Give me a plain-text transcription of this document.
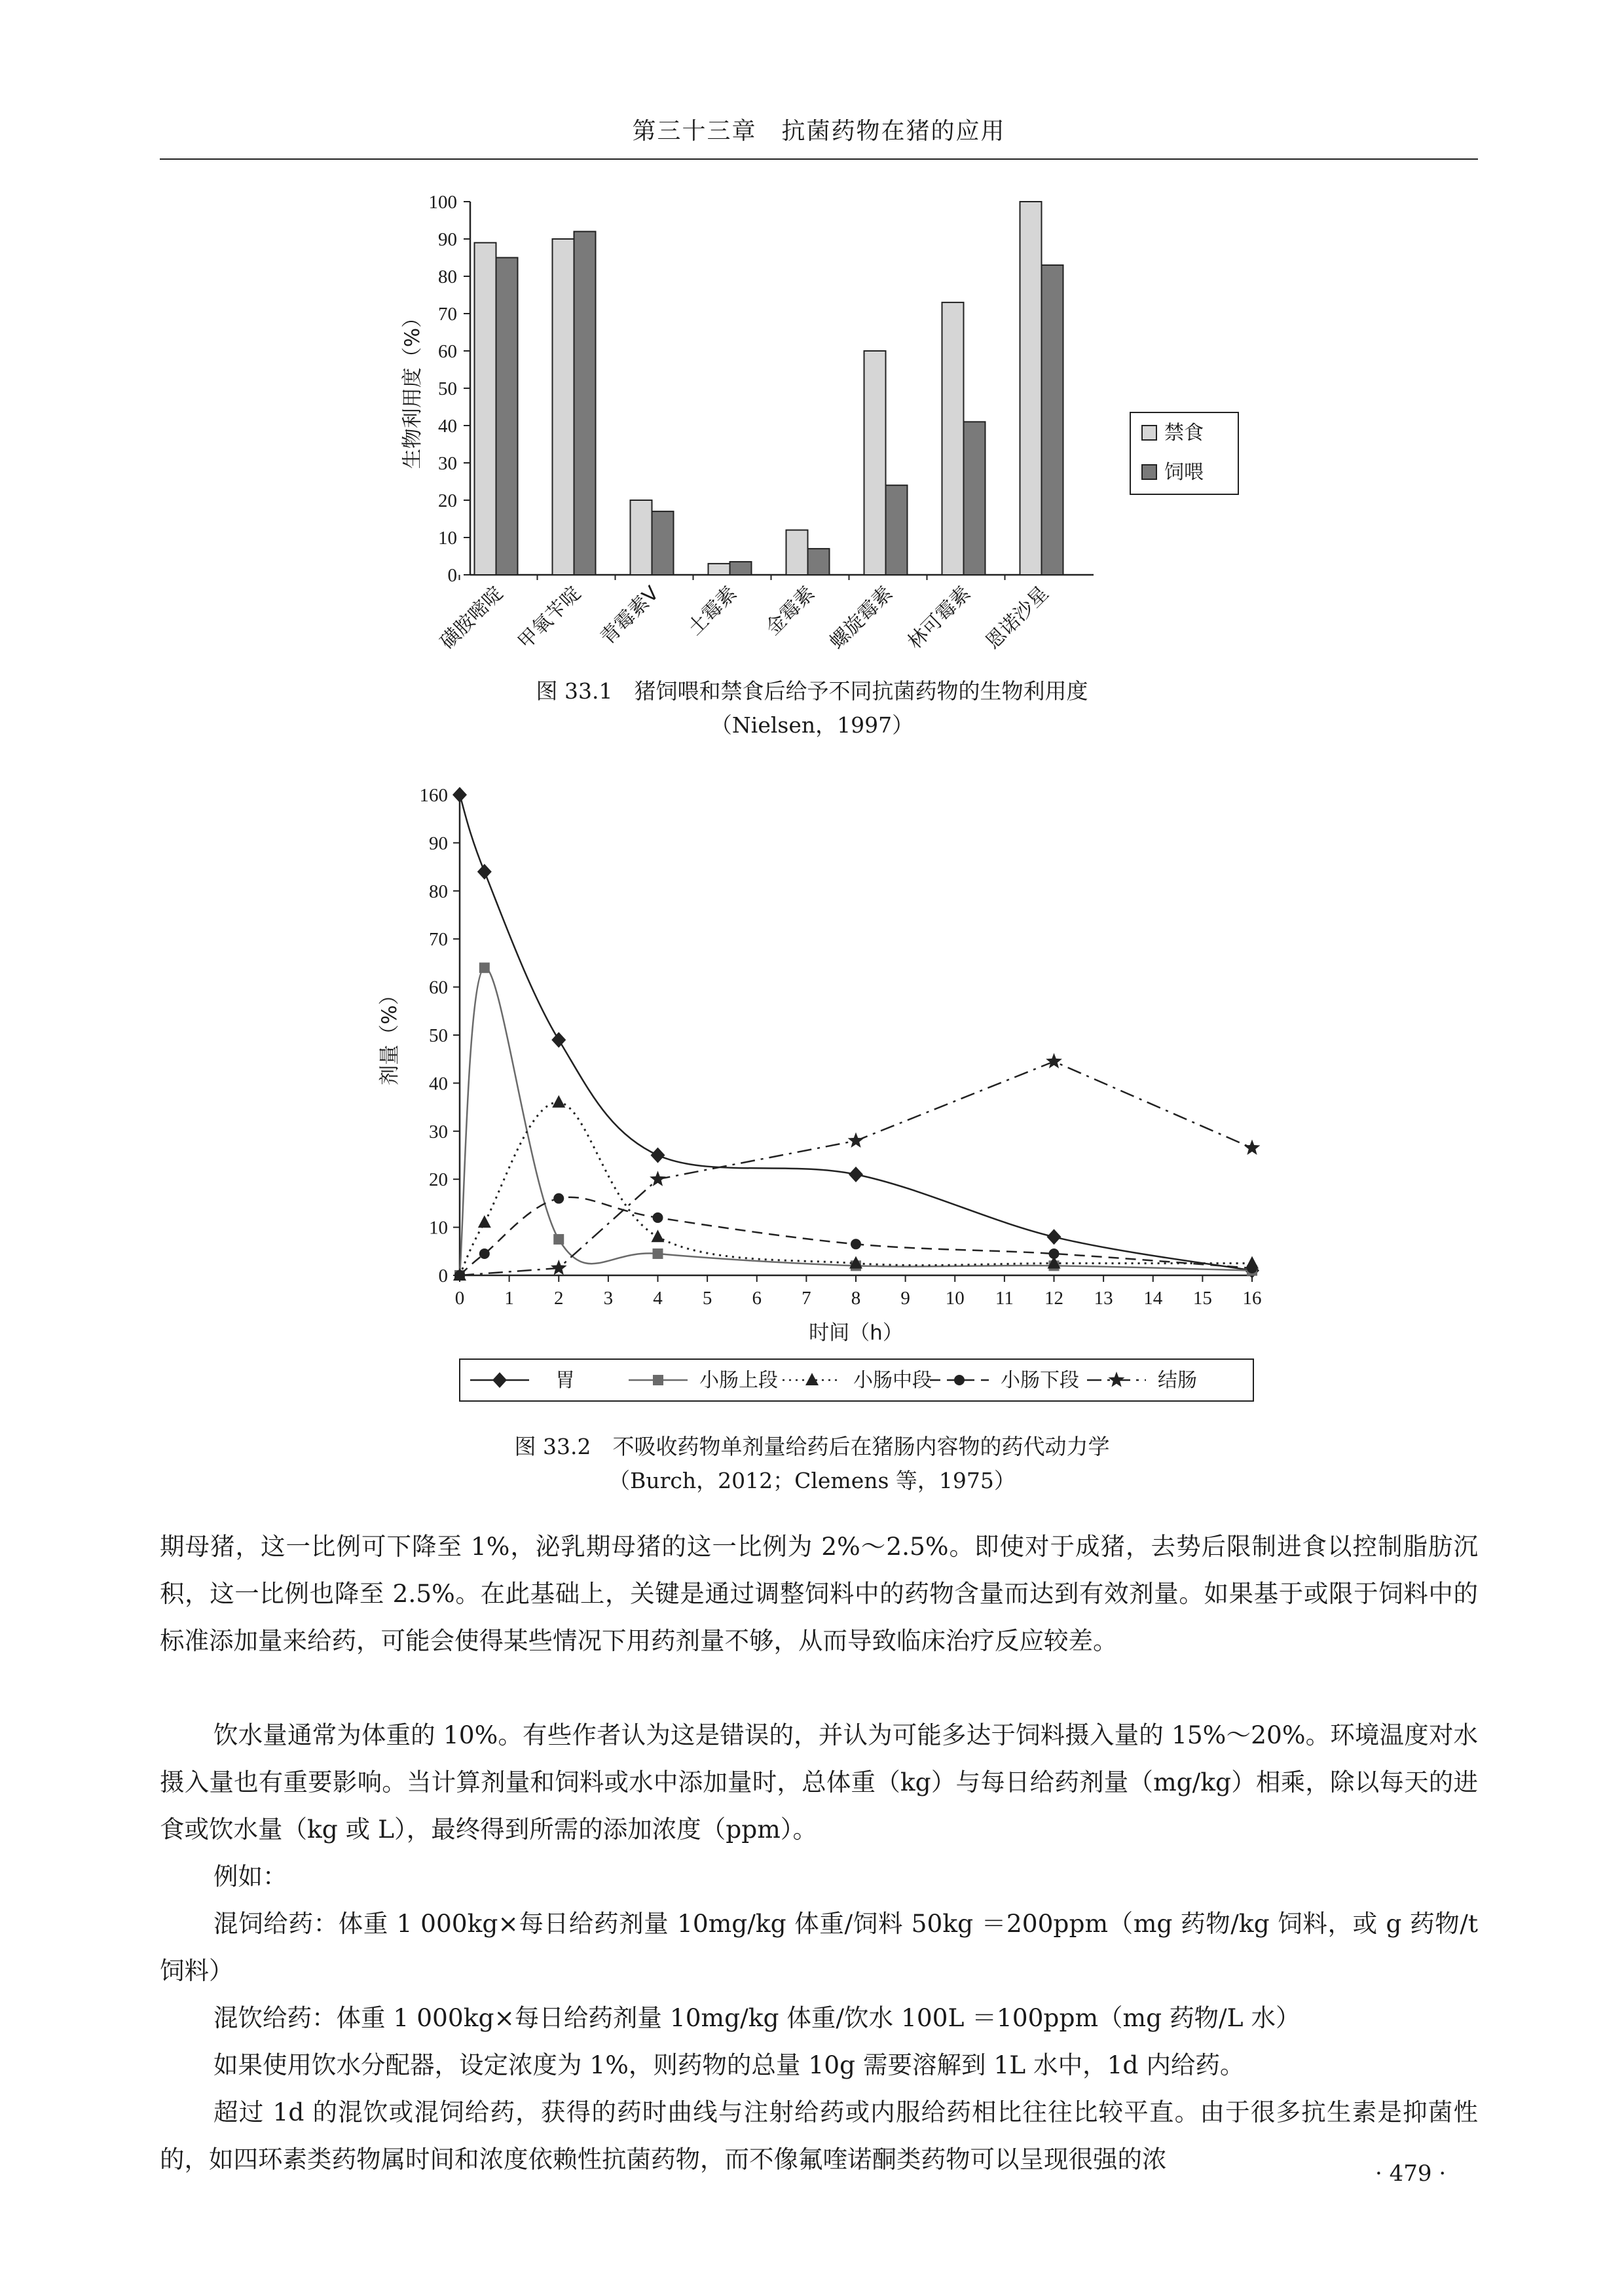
第三十三章　抗菌药物在猪的应用
0
10
20
30
40
50
60
70
80
90
100
生物利用度（%）
磺胺嘧啶 甲氧苄啶 青霉素V 土霉素 金霉素 螺旋霉素 林可霉素 恩诺沙星
禁食
饲喂
图 33.1　猪饲喂和禁食后给予不同抗菌药物的生物利用度
（Nielsen，1997）
0
10
20
30
40
50
60
70
80
90
160
0 1 2 3 4 5 6 7 8 9 10 11 12 13 14 15 16
剂量（%）
时间（h）
胃	小肠上段	小肠中段	小肠下段	结肠
图 33.2　不吸收药物单剂量给药后在猪肠内容物的药代动力学
（Burch，2012；Clemens 等，1975）

期母猪，这一比例可下降至 1%，泌乳期母猪的这一比例为 2%～2.5%。即使对于成猪，去势后限制进食以控制脂肪沉积，这一比例也降至 2.5%。在此基础上，关键是通过调整饲料中的药物含量而达到有效剂量。如果基于或限于饲料中的标准添加量来给药，可能会使得某些情况下用药剂量不够，从而导致临床治疗反应较差。

饮水量通常为体重的 10%。有些作者认为这是错误的，并认为可能多达于饲料摄入量的 15%～20%。环境温度对水摄入量也有重要影响。当计算剂量和饲料或水中添加量时，总体重（kg）与每日给药剂量（mg/kg）相乘，除以每天的进食或饮水量（kg 或 L），最终得到所需的添加浓度（ppm）。

例如：

混饲给药：体重 1 000kg×每日给药剂量 10mg/kg 体重/饲料 50kg ＝200ppm（mg 药物/kg 饲料，或 g 药物/t 饲料）

混饮给药：体重 1 000kg×每日给药剂量 10mg/kg 体重/饮水 100L ＝100ppm（mg 药物/L 水）

如果使用饮水分配器，设定浓度为 1%，则药物的总量 10g 需要溶解到 1L 水中，1d 内给药。

超过 1d 的混饮或混饲给药，获得的药时曲线与注射给药或内服给药相比往往比较平直。由于很多抗生素是抑菌性的，如四环素类药物属时间和浓度依赖性抗菌药物，而不像氟喹诺酮类药物可以呈现很强的浓	· 479 ·
